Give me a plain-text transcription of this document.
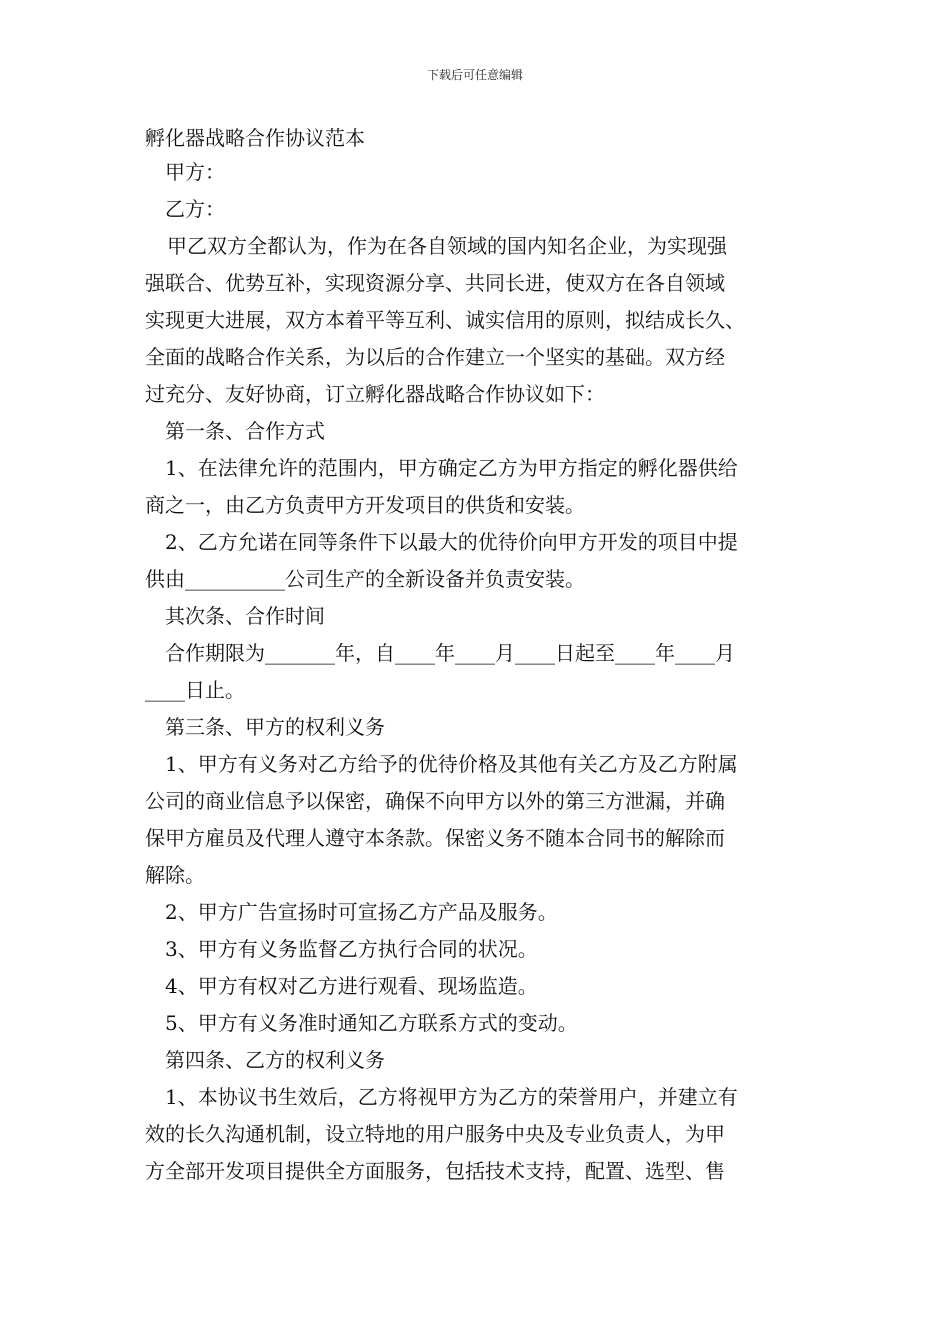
下载后可任意编辑
孵化器战略合作协议范本
甲方：
乙方：
甲乙双方全都认为，作为在各自领域的国内知名企业，为实现强
强联合、优势互补，实现资源分享、共同长进，使双方在各自领域
实现更大进展，双方本着平等互利、诚实信用的原则，拟结成长久、
全面的战略合作关系，为以后的合作建立一个坚实的基础。双方经
过充分、友好协商，订立孵化器战略合作协议如下：
第一条、合作方式
1、在法律允许的范围内，甲方确定乙方为甲方指定的孵化器供给
商之一，由乙方负责甲方开发项目的供货和安装。
2、乙方允诺在同等条件下以最大的优待价向甲方开发的项目中提
供由__________公司生产的全新设备并负责安装。
其次条、合作时间
合作期限为_______年，自____年____月____日起至____年____月
____日止。
第三条、甲方的权利义务
1、甲方有义务对乙方给予的优待价格及其他有关乙方及乙方附属
公司的商业信息予以保密，确保不向甲方以外的第三方泄漏，并确
保甲方雇员及代理人遵守本条款。保密义务不随本合同书的解除而
解除。
2、甲方广告宣扬时可宣扬乙方产品及服务。
3、甲方有义务监督乙方执行合同的状况。
4、甲方有权对乙方进行观看、现场监造。
5、甲方有义务准时通知乙方联系方式的变动。
第四条、乙方的权利义务
1、本协议书生效后，乙方将视甲方为乙方的荣誉用户，并建立有
效的长久沟通机制，设立特地的用户服务中央及专业负责人，为甲
方全部开发项目提供全方面服务，包括技术支持，配置、选型、售
